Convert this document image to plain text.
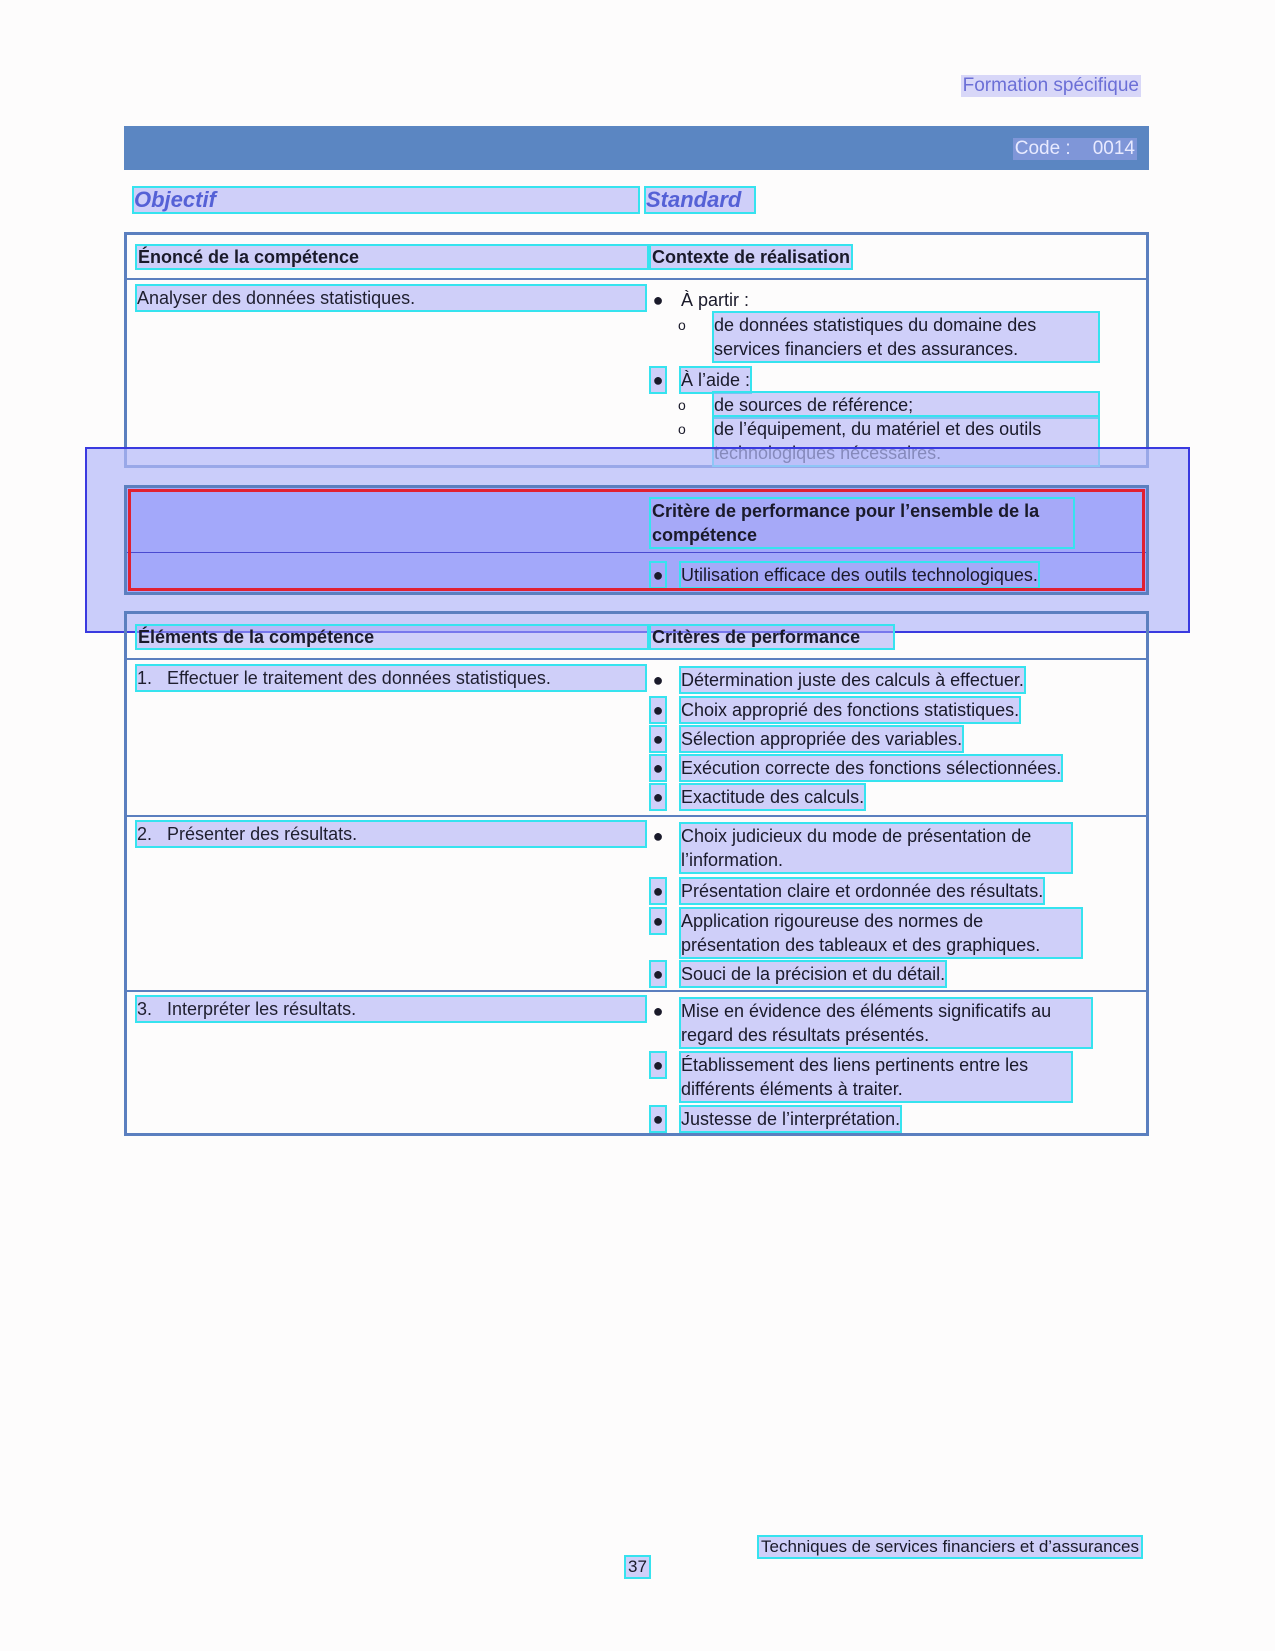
Formation spécifique
Code : 0014
Objectif	Standard
Énoncé de la compétence	Contexte de réalisation
Analyser des données statistiques.	● À partir :
o de données statistiques du domaine des services financiers et des assurances.
● À l’aide :
o de sources de référence;
o de l’équipement, du matériel et des outils
Critère de performance pour l’ensemble de la compétence
● Utilisation efficace des outils technologiques.
Éléments de la compétence	Critères de performance
1. Effectuer le traitement des données statistiques.	● Détermination juste des calculs à effectuer.
● Choix approprié des fonctions statistiques.
● Sélection appropriée des variables.
● Exécution correcte des fonctions sélectionnées.
● Exactitude des calculs.
2. Présenter des résultats.	● Choix judicieux du mode de présentation de l’information.
● Présentation claire et ordonnée des résultats.
● Application rigoureuse des normes de présentation des tableaux et des graphiques.
● Souci de la précision et du détail.
3. Interpréter les résultats.	● Mise en évidence des éléments significatifs au regard des résultats présentés.
● Établissement des liens pertinents entre les différents éléments à traiter.
● Justesse de l’interprétation.
Techniques de services financiers et d’assurances
37
